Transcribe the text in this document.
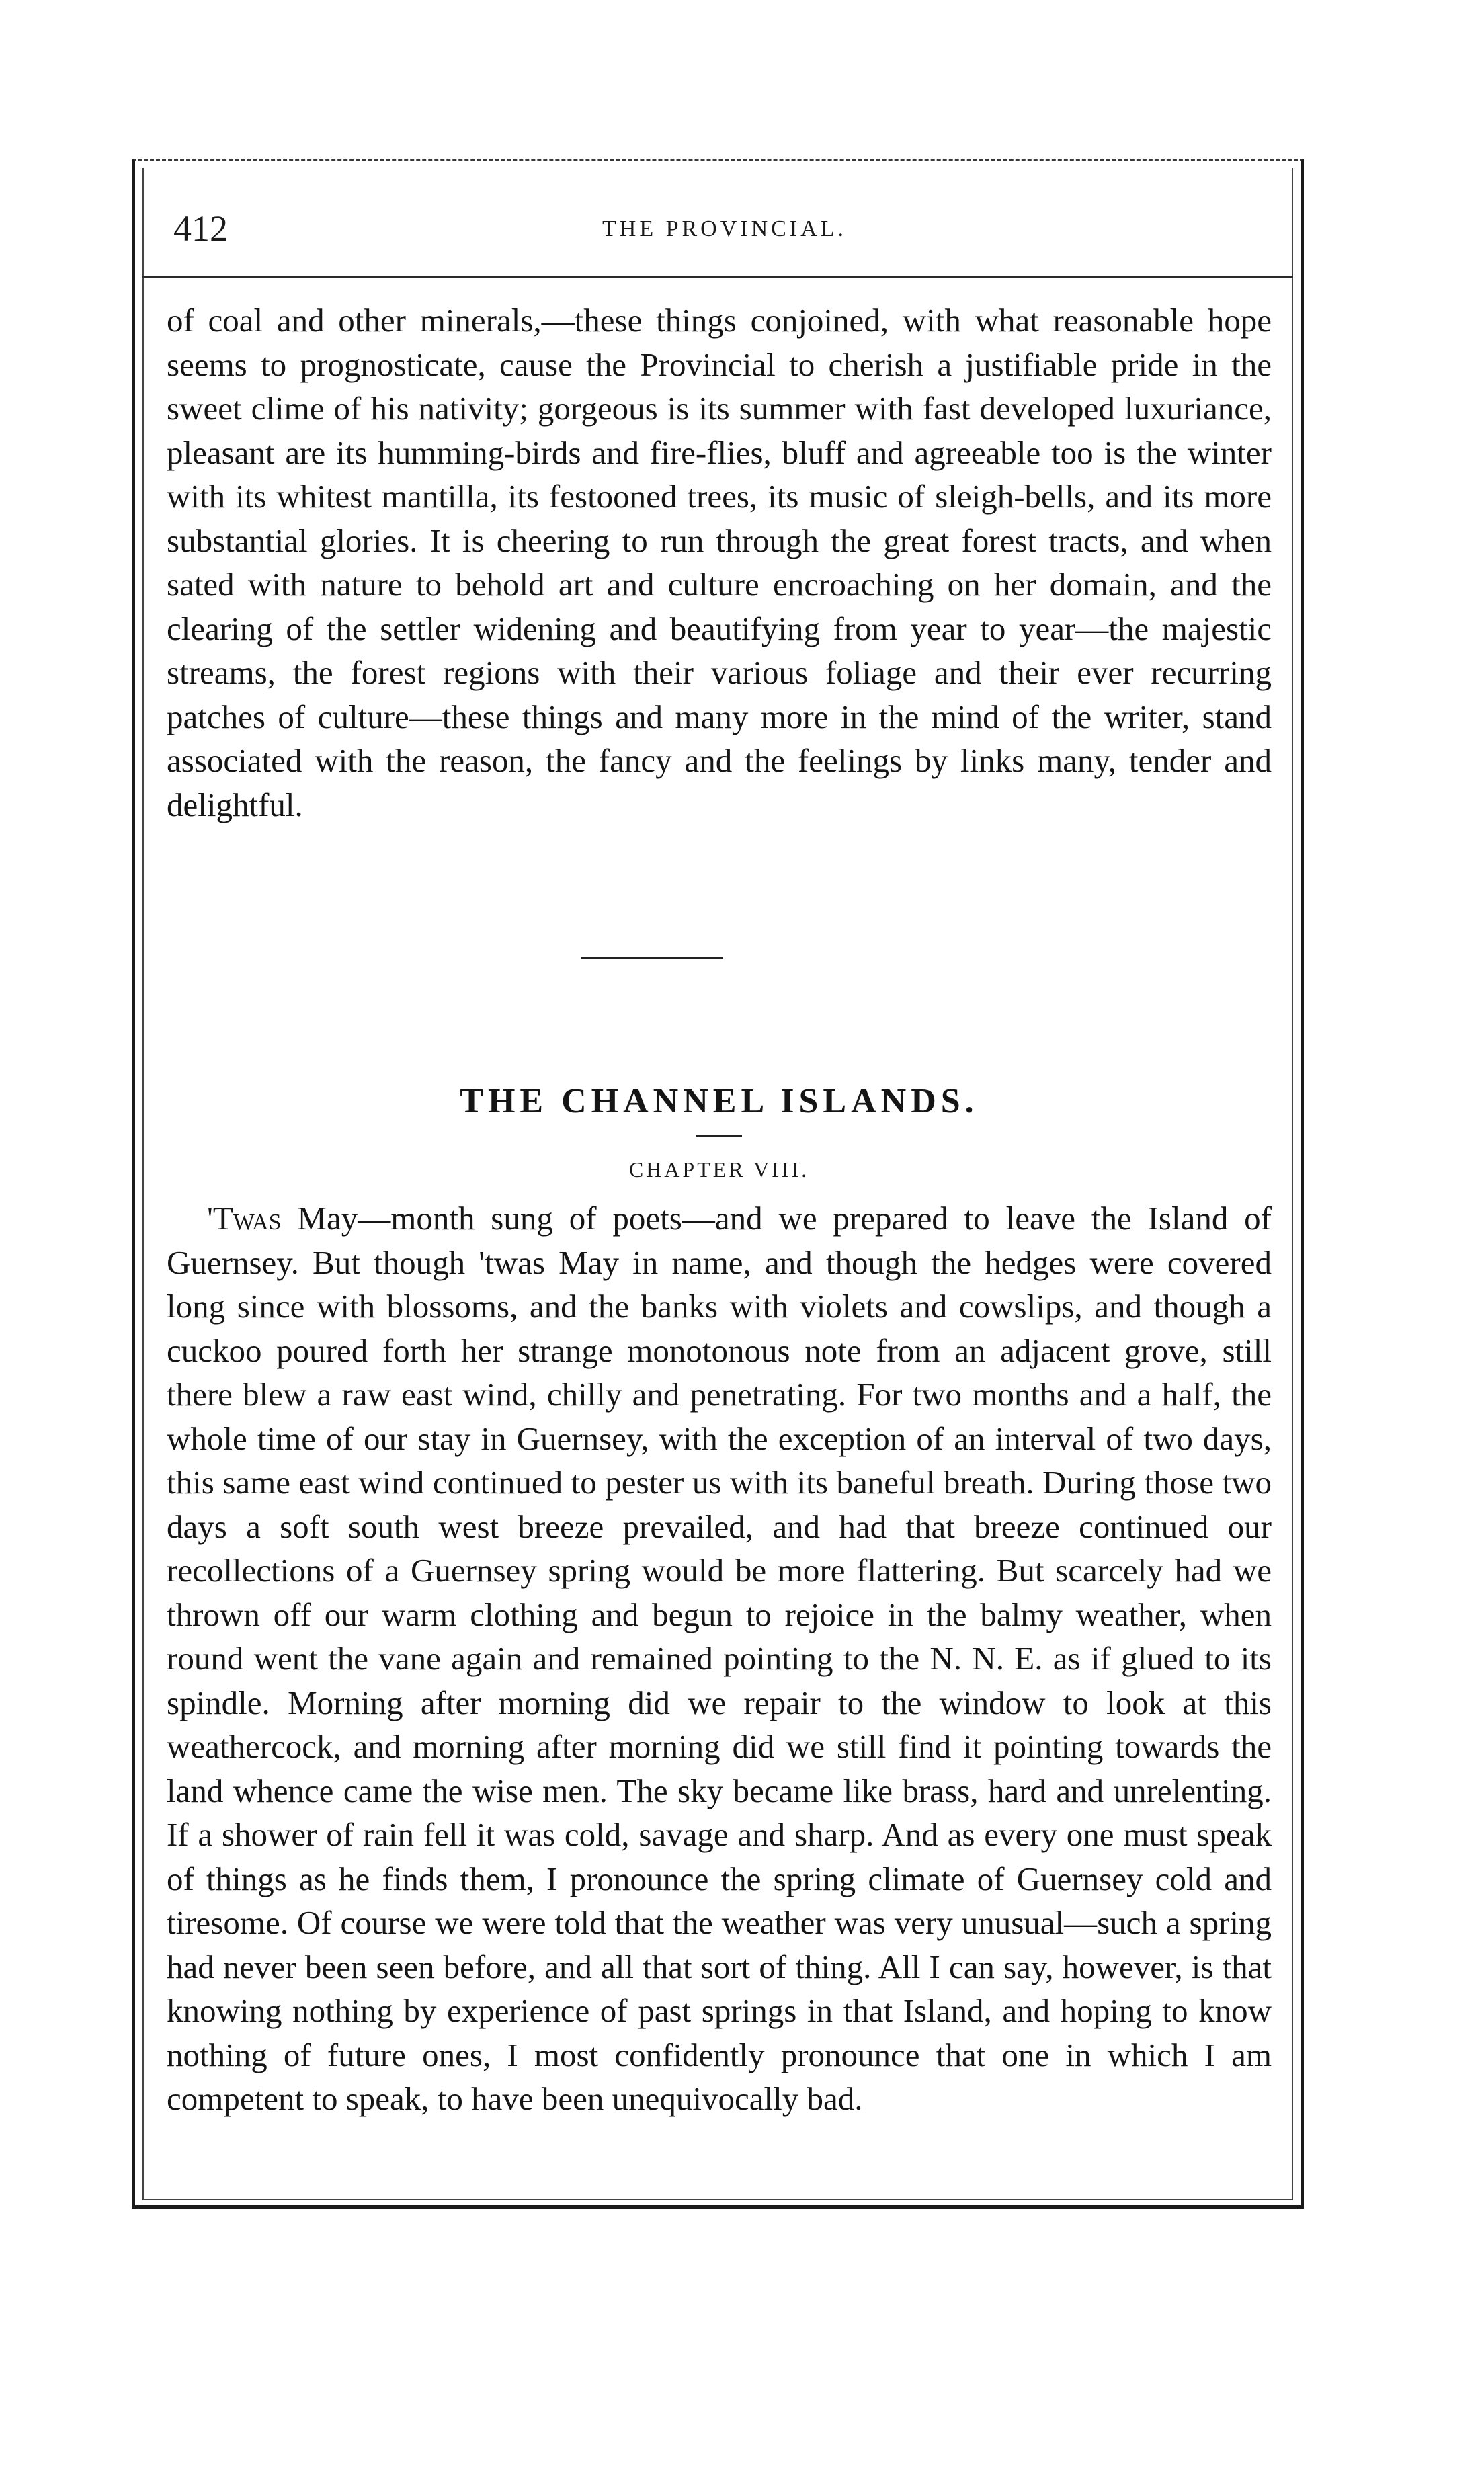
412	THE PROVINCIAL.

of coal and other minerals,—these things conjoined, with what reasonable hope seems to prognosticate, cause the Provincial to cherish a justifiable pride in the sweet clime of his nativity; gorgeous is its summer with fast developed luxuriance, pleasant are its humming-birds and fire-flies, bluff and agreeable too is the winter with its whitest mantilla, its festooned trees, its music of sleigh-bells, and its more substantial glories. It is cheering to run through the great forest tracts, and when sated with nature to behold art and culture encroaching on her domain, and the clearing of the settler widening and beautifying from year to year—the majestic streams, the forest regions with their various foliage and their ever recurring patches of culture—these things and many more in the mind of the writer, stand associated with the reason, the fancy and the feelings by links many, tender and delightful.

THE CHANNEL ISLANDS.
CHAPTER VIII.

'Twas May—month sung of poets—and we prepared to leave the Island of Guernsey. But though 'twas May in name, and though the hedges were covered long since with blossoms, and the banks with violets and cowslips, and though a cuckoo poured forth her strange monotonous note from an adjacent grove, still there blew a raw east wind, chilly and penetrating. For two months and a half, the whole time of our stay in Guernsey, with the exception of an interval of two days, this same east wind continued to pester us with its baneful breath. During those two days a soft south west breeze prevailed, and had that breeze continued our recollections of a Guernsey spring would be more flattering. But scarcely had we thrown off our warm clothing and begun to rejoice in the balmy weather, when round went the vane again and remained pointing to the N. N. E. as if glued to its spindle. Morning after morning did we repair to the window to look at this weathercock, and morning after morning did we still find it pointing towards the land whence came the wise men. The sky became like brass, hard and unrelenting. If a shower of rain fell it was cold, savage and sharp. And as every one must speak of things as he finds them, I pronounce the spring climate of Guernsey cold and tiresome. Of course we were told that the weather was very unusual—such a spring had never been seen before, and all that sort of thing. All I can say, however, is that knowing nothing by experience of past springs in that Island, and hoping to know nothing of future ones, I most confidently pronounce that one in which I am competent to speak, to have been unequivocally bad.
